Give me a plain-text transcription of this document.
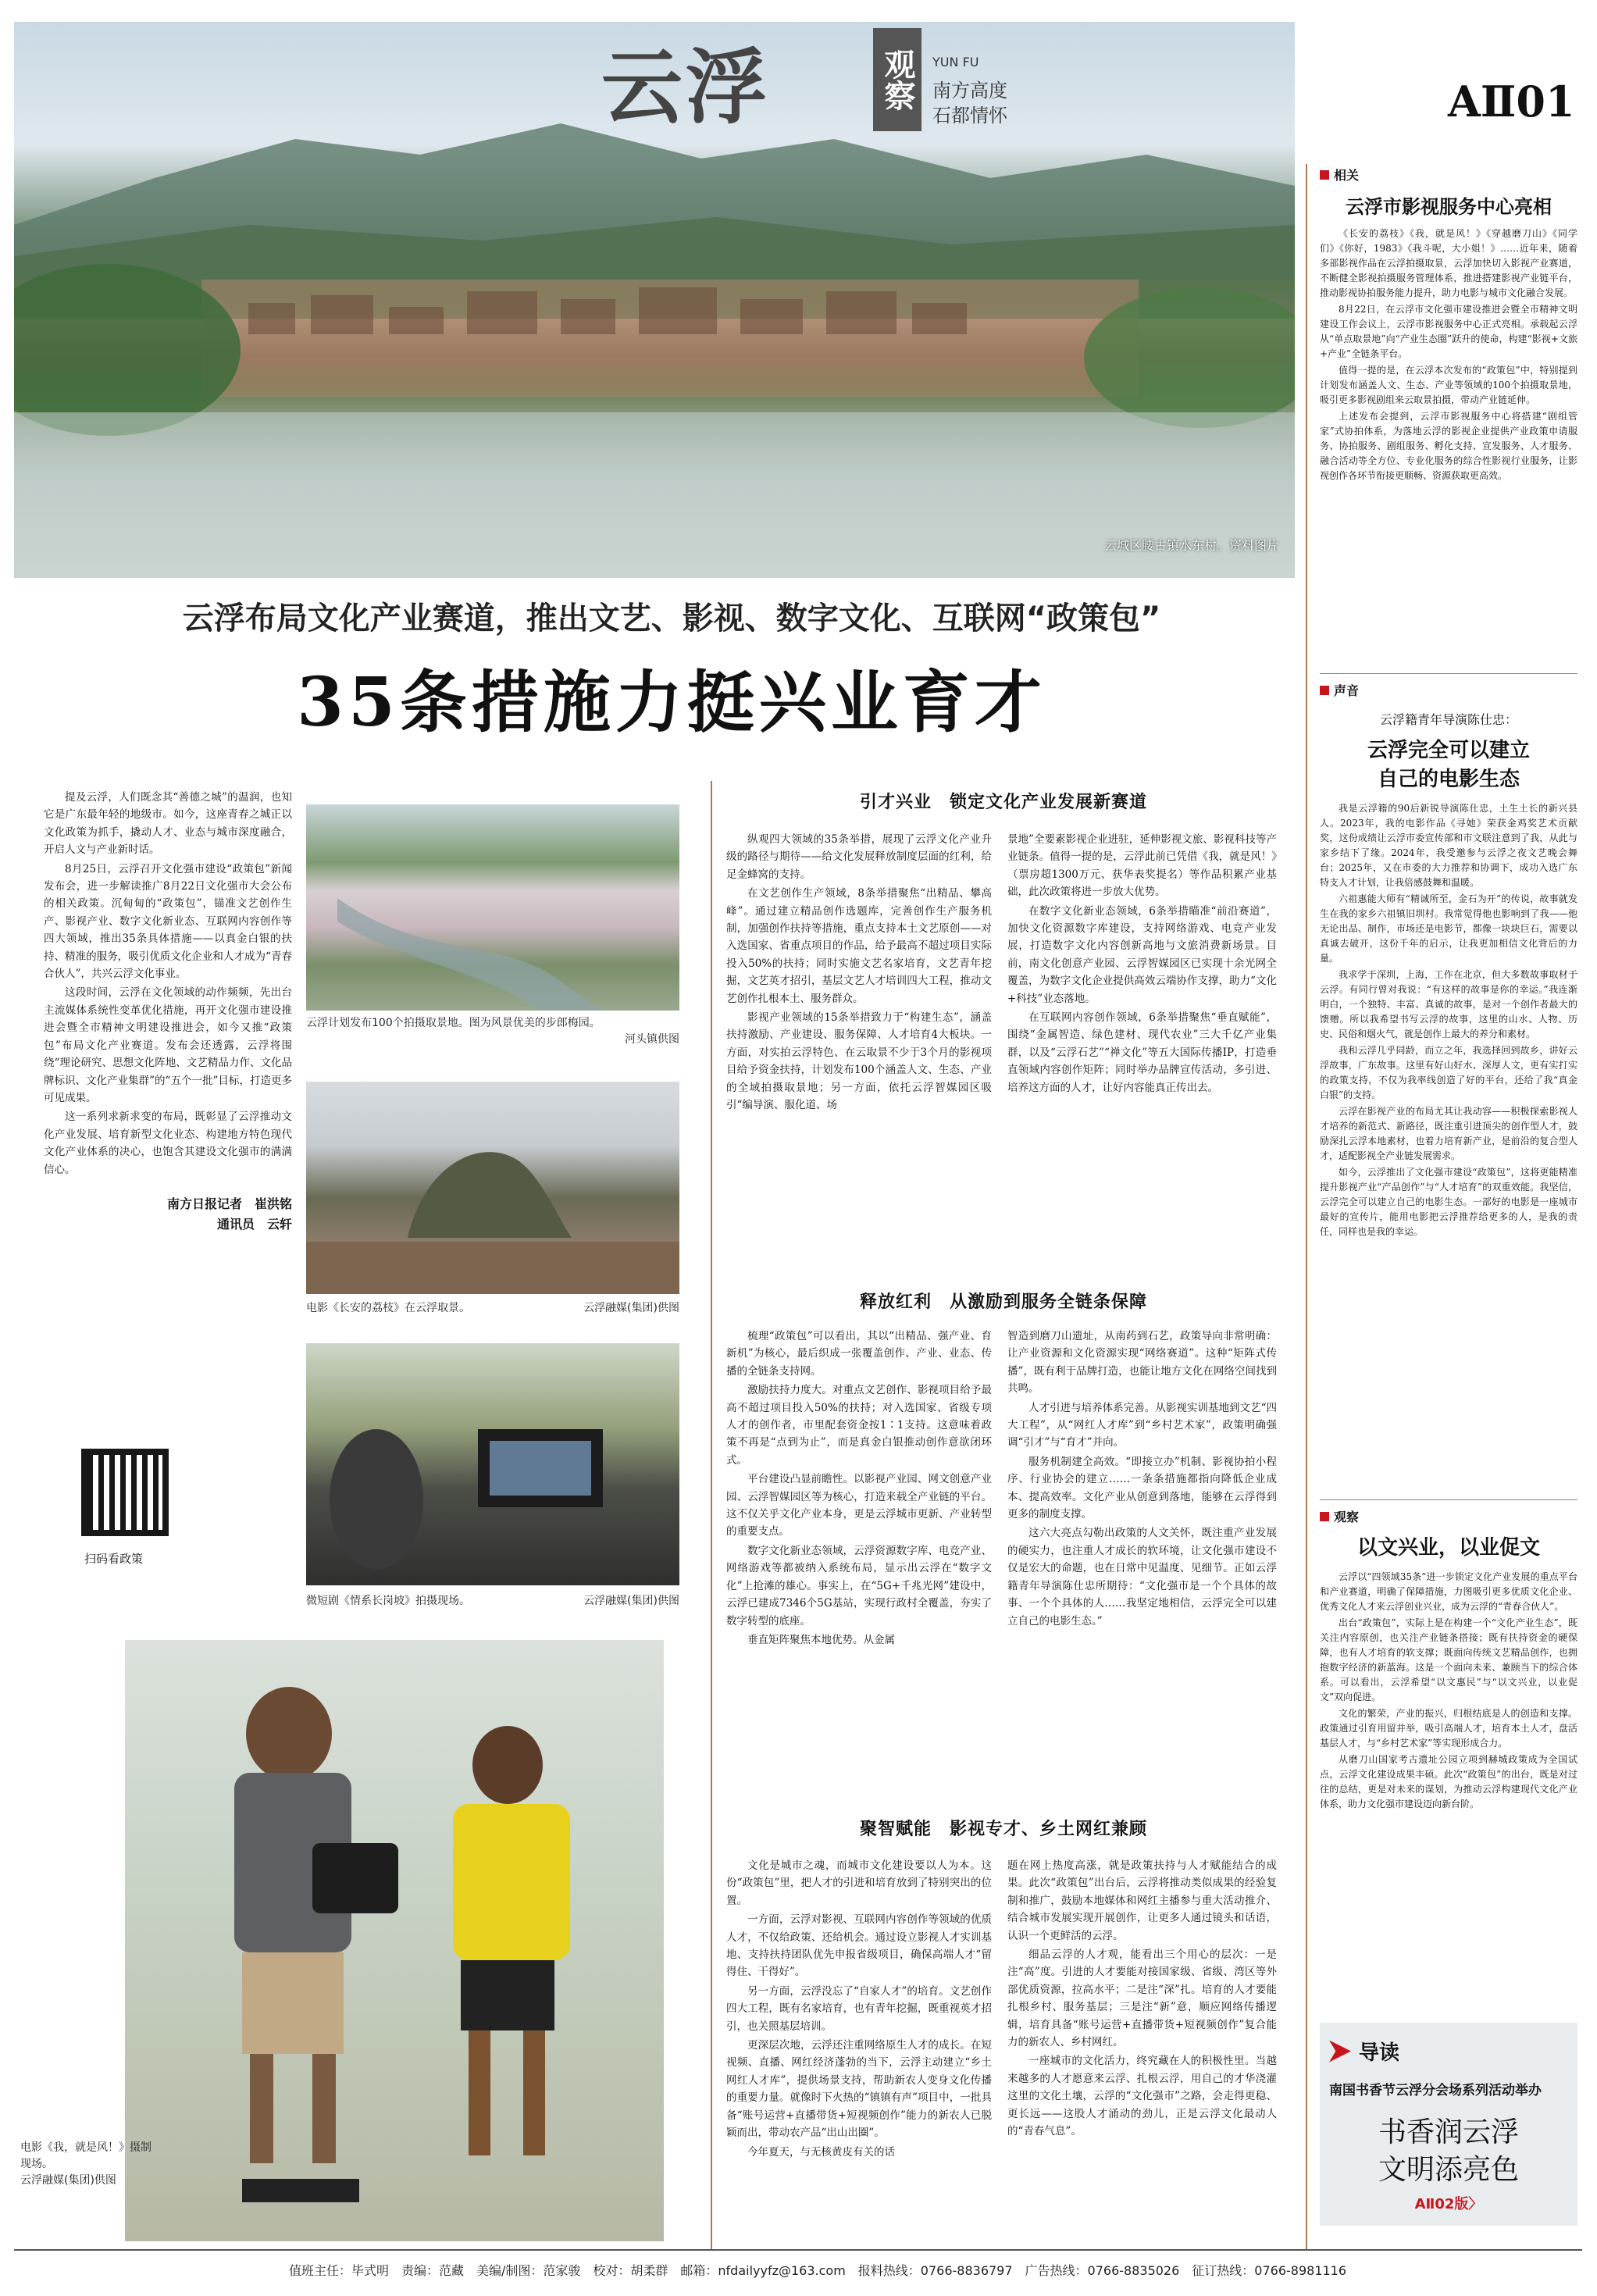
云城区腰古镇水东村。资料图片
云浮	观察	YUN FU
南方高度
石都情怀	AⅡ01
云浮布局文化产业赛道，推出文艺、影视、数字文化、互联网“政策包”
35条措施力挺兴业育才

提及云浮，人们既念其“善德之城”的温润，也知它是广东最年轻的地级市。如今，这座青春之城正以文化政策为抓手，撬动人才、业态与城市深度融合，开启人文与产业新时话。

8月25日，云浮召开文化强市建设“政策包”新闻发布会，进一步解读推广8月22日文化强市大会公布的相关政策。沉甸甸的“政策包”，锚准文艺创作生产、影视产业、数字文化新业态、互联网内容创作等四大领域，推出35条具体措施——以真金白银的扶持、精准的服务，吸引优质文化企业和人才成为“青春合伙人”，共兴云浮文化事业。

这段时间，云浮在文化领域的动作频频，先出台主流媒体系统性变革优化措施，再开文化强市建设推进会暨全市精神文明建设推进会，如今又推“政策包”布局文化产业赛道。发布会还透露，云浮将围绕“理论研究、思想文化阵地、文艺精品力作、文化品牌标识、文化产业集群”的“五个一批”目标，打造更多可见成果。

这一系列求新求变的布局，既彰显了云浮推动文化产业发展、培育新型文化业态、构建地方特色现代文化产业体系的决心，也饱含其建设文化强市的满满信心。

南方日报记者　崔洪铭
通讯员　云轩
扫码看政策
云浮计划发布100个拍摄取景地。图为风景优美的步郎梅园。
河头镇供图
电影《长安的荔枝》在云浮取景。	云浮融媒(集团)供图
微短剧《情系长岗坡》拍摄现场。	云浮融媒(集团)供图
电影《我，就是风！》摄制现场。
云浮融媒(集团)供图
引才兴业　锁定文化产业发展新赛道

纵观四大领域的35条举措，展现了云浮文化产业升级的路径与期待——给文化发展释放制度层面的红利，给足金蜂窝的支持。

在文艺创作生产领域，8条举措聚焦“出精品、攀高峰”。通过建立精品创作选题库，完善创作生产服务机制，加强创作扶持等措施，重点支持本土文艺原创——对入选国家、省重点项目的作品，给予最高不超过项目实际投入50%的扶持；同时实施文艺名家培育，文艺青年挖掘，文艺英才招引，基层文艺人才培训四大工程，推动文艺创作扎根本土、服务群众。

影视产业领域的15条举措致力于“构建生态”，涵盖扶持激励、产业建设、服务保障、人才培育4大板块。一方面，对实拍云浮特色、在云取景不少于3个月的影视项目给予资金扶持，计划发布100个涵盖人文、生态、产业的全域拍摄取景地；另一方面，依托云浮智媒园区吸引“编导演、服化道、场

景地”全要素影视企业进驻，延伸影视文旅、影视科技等产业链条。值得一提的是，云浮此前已凭借《我，就是风！》（票房超1300万元、获华表奖提名）等作品积累产业基础，此次政策将进一步放大优势。

在数字文化新业态领域，6条举措瞄准“前沿赛道”，加快文化资源数字库建设，支持网络游戏、电竞产业发展，打造数字文化内容创新高地与文旅消费新场景。目前，南文化创意产业园、云浮智媒园区已实现十余光网全覆盖，为数字文化企业提供高效云端协作支撑，助力“文化+科技”业态落地。

在互联网内容创作领域，6条举措聚焦“垂直赋能”，围绕“金属智造、绿色建材、现代农业”三大千亿产业集群，以及“云浮石艺”“禅文化”等五大国际传播IP，打造垂直领域内容创作矩阵；同时举办品牌宣传活动，多引进、培养这方面的人才，让好内容能真正传出去。

释放红利　从激励到服务全链条保障

梳理“政策包”可以看出，其以“出精品、强产业、育新机”为核心，最后织成一张覆盖创作、产业、业态、传播的全链条支持网。

激励扶持力度大。对重点文艺创作、影视项目给予最高不超过项目投入50%的扶持；对入选国家、省级专项人才的创作者，市里配套资金按1∶1支持。这意味着政策不再是“点到为止”，而是真金白银推动创作意欲闭环式。

平台建设凸显前瞻性。以影视产业园、网文创意产业园、云浮智媒园区等为核心，打造来载全产业链的平台。这不仅关乎文化产业本身，更是云浮城市更新、产业转型的重要支点。

数字文化新业态领域，云浮资源数字库、电竞产业、网络游戏等都被纳入系统布局，显示出云浮在“数字文化”上抢滩的雄心。事实上，在“5G+千兆光网”建设中，云浮已建成7346个5G基站，实现行政村全覆盖，夯实了数字转型的底座。

垂直矩阵聚焦本地优势。从金属

智造到磨刀山遗址，从南药到石艺，政策导向非常明确：让产业资源和文化资源实现“网络赛道”。这种“矩阵式传播”，既有利于品牌打造，也能让地方文化在网络空间找到共鸣。

人才引进与培养体系完善。从影视实训基地到文艺“四大工程”，从“网红人才库”到“乡村艺术家”，政策明确强调“引才”与“育才”并向。

服务机制建全高效。“即接立办”机制、影视协拍小程序、行业协会的建立……一条条措施都指向降低企业成本、提高效率。文化产业从创意到落地，能够在云浮得到更多的制度支撑。

这六大亮点勾勒出政策的人文关怀，既注重产业发展的硬实力，也注重人才成长的软环境，让文化强市建设不仅是宏大的命题，也在日常中见温度、见细节。正如云浮籍青年导演陈仕忠所期待：“文化强市是一个个具体的故事、一个个具体的人……我坚定地相信，云浮完全可以建立自己的电影生态。”

聚智赋能　影视专才、乡土网红兼顾

文化是城市之魂，而城市文化建设要以人为本。这份“政策包”里，把人才的引进和培育放到了特别突出的位置。

一方面，云浮对影视、互联网内容创作等领域的优质人才，不仅给政策、还给机会。通过设立影视人才实训基地、支持扶持团队优先申报省级项目，确保高端人才“留得住、干得好”。

另一方面，云浮没忘了“自家人才”的培育。文艺创作四大工程，既有名家培育，也有青年挖掘，既重视英才招引，也关照基层培训。

更深层次地，云浮还注重网络原生人才的成长。在短视频、直播、网红经济蓬勃的当下，云浮主动建立“乡土网红人才库”，提供场景支持，帮助新农人变身文化传播的重要力量。就像时下火热的“镇镇有声”项目中，一批具备“账号运营+直播带货+短视频创作”能力的新农人已脱颖而出，带动农产品“出山出圈”。

今年夏天，与无核黄皮有关的话

题在网上热度高涨，就是政策扶持与人才赋能结合的成果。此次“政策包”出台后，云浮将推动类似成果的经验复制和推广，鼓励本地媒体和网红主播参与重大活动推介、结合城市发展实现开展创作，让更多人通过镜头和话语，认识一个更鲜活的云浮。

细品云浮的人才观，能看出三个用心的层次：一是注“高”度。引进的人才要能对接国家级、省级、湾区等外部优质资源，拉高水平；二是注“深”扎。培育的人才要能扎根乡村、服务基层；三是注“新”意，顺应网络传播逻辑，培育具备“账号运营+直播带货+短视频创作”复合能力的新农人、乡村网红。

一座城市的文化活力，终究藏在人的积极性里。当越来越多的人才愿意来云浮、扎根云浮，用自己的才华浇灌这里的文化土壤，云浮的“文化强市”之路，会走得更稳、更长远——这股人才涌动的劲儿，正是云浮文化最动人的“青春气息”。

相关
云浮市影视服务中心亮相

《长安的荔枝》《我，就是风！》《穿越磨刀山》《同学们》《你好，1983》《我斗呢，大小姐！》……近年来，随着多部影视作品在云浮拍摄取景，云浮加快切入影视产业赛道，不断健全影视拍摄服务管理体系，推进搭建影视产业链平台，推动影视协拍服务能力提升，助力电影与城市文化融合发展。

8月22日，在云浮市文化强市建设推进会暨全市精神文明建设工作会议上，云浮市影视服务中心正式亮相。承载起云浮从“单点取景地”向“产业生态圈”跃升的使命，构建“影视+文旅+产业”全链条平台。

值得一提的是，在云浮本次发布的“政策包”中，特别提到计划发布涵盖人文、生态、产业等领域的100个拍摄取景地，吸引更多影视剧组来云取景拍摄，带动产业链延伸。

上述发布会提到，云浮市影视服务中心将搭建“剧组管家”式协拍体系，为落地云浮的影视企业提供产业政策申请服务、协拍服务、剧组服务、孵化支持、宣发服务、人才服务、融合活动等全方位、专业化服务的综合性影视行业服务，让影视创作各环节衔接更顺畅、资源获取更高效。

声音
云浮籍青年导演陈仕忠：
云浮完全可以建立
自己的电影生态

我是云浮籍的90后新锐导演陈仕忠，土生土长的新兴县人。2023年，我的电影作品《寻她》荣获金鸡奖艺术贡献奖，这份成绩让云浮市委宣传部和市文联注意到了我，从此与家乡结下了缘。2024年，我受邀参与云浮之夜文艺晚会舞台；2025年，又在市委的大力推荐和协调下，成功入选广东特支人才计划，让我倍感鼓舞和温暖。

六祖惠能大师有“精诚所至，金石为开”的传说，故事就发生在我的家乡六祖镇旧圳村。我常觉得他也影响到了我——他无论出品、制作，市场还是电影节，都像一块块巨石，需要以真诚去破开，这份千年的启示，让我更加相信文化背后的力量。

我求学于深圳，上海，工作在北京，但大多数故事取材于云浮。有同行曾对我说：“有这样的故事是你的幸运。”我连渐明白，一个独特、丰富、真诚的故事，是对一个创作者最大的馈赠。所以我希望书写云浮的故事，这里的山水、人物、历史、民俗和烟火气，就是创作上最大的养分和素材。

我和云浮几乎同龄，而立之年，我选择回到故乡，讲好云浮故事，广东故事。这里有好山好水、深厚人文，更有实打实的政策支持，不仅为我率线创造了好的平台，还给了我“真金白银”的支持。

云浮在影视产业的布局尤其让我动容——积极探索影视人才培养的新范式、新路径，既注重引进顶尖的创作型人才，鼓励深扎云浮本地素材，也着力培育新产业，是前沿的复合型人才，适配影视全产业链发展需求。

如今，云浮推出了文化强市建设“政策包”，这将更能精准提升影视产业“产品创作”与“人才培育”的双重效能。我坚信，云浮完全可以建立自己的电影生态。一部好的电影是一座城市最好的宣传片，能用电影把云浮推荐给更多的人，是我的责任，同样也是我的幸运。

观察
以文兴业，以业促文

云浮以“四领域35条”进一步锁定文化产业发展的重点平台和产业赛道，明确了保障措施，力图吸引更多优质文化企业、优秀文化人才来云浮创业兴业，成为云浮的“青春合伙人”。

出台“政策包”，实际上是在构建一个“文化产业生态”，既关注内容原创，也关注产业链条搭接；既有扶持资金的硬保障，也有人才培育的软支撑；既面向传统文艺精品创作，也拥抱数字经济的新蓝海。这是一个面向未来、兼顾当下的综合体系。可以看出，云浮希望“以文惠民”与“以文兴业，以业促文”双向促进。

文化的繁荣，产业的振兴，归根结底是人的创造和支撑。政策通过引育用留并举，吸引高端人才，培育本土人才，盘活基层人才，与“乡村艺术家”等实现形成合力。

从磨刀山国家考古遗址公园立项到赫城政策成为全国试点，云浮文化建设成果丰硕。此次“政策包”的出台，既是对过往的总结，更是对未来的谋划，为推动云浮构建现代文化产业体系，助力文化强市建设迈向新台阶。

导读
南国书香节云浮分会场系列活动举办
书香润云浮
文明添亮色
AⅡ02版〉
值班主任：毕式明　责编：范藏　美编/制图：范家骏　校对：胡柔群　邮箱：nfdailyyfz@163.com　报料热线：0766-8836797　广告热线：0766-8835026　征订热线：0766-8981116
